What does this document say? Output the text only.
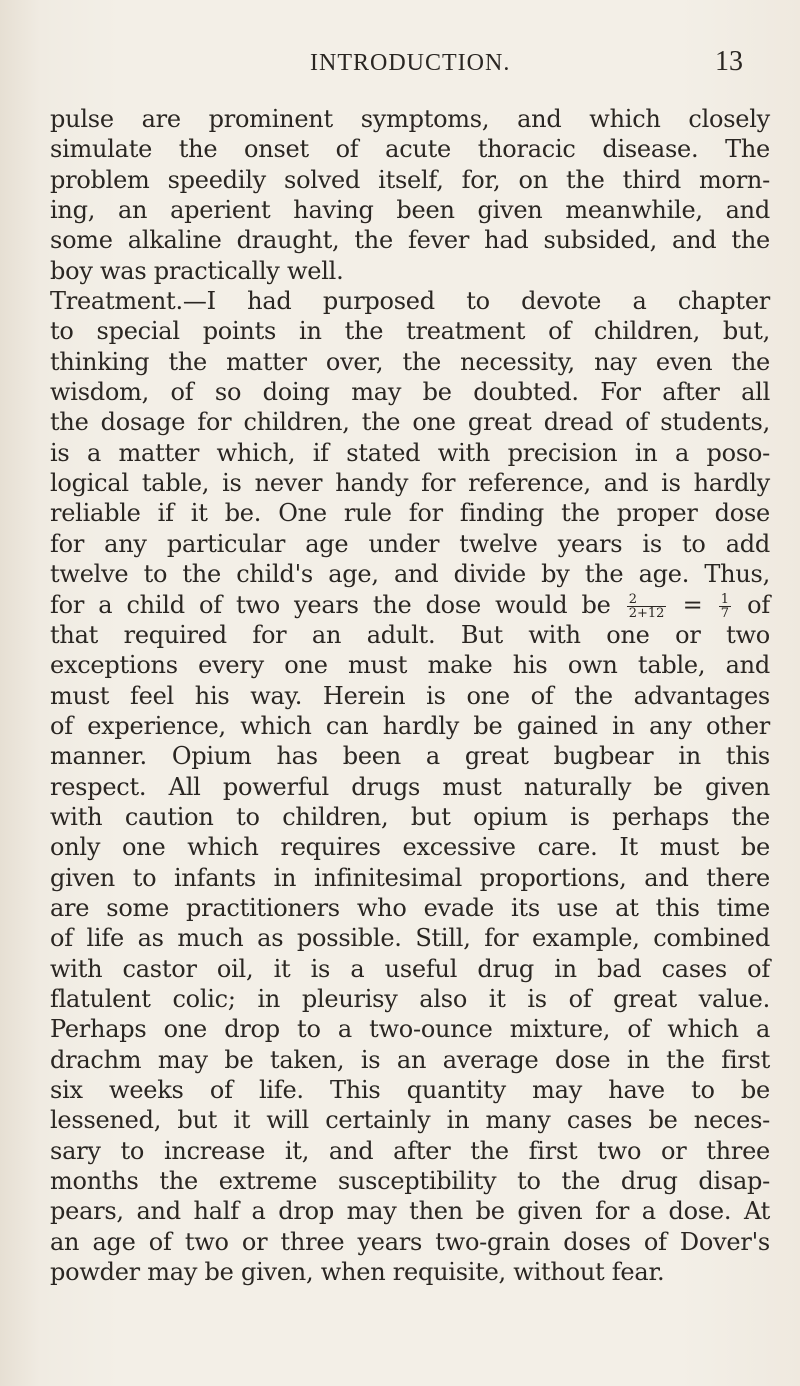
INTRODUCTION.	13
pulse are prominent symptoms, and which closely
simulate the onset of acute thoracic disease. The
problem speedily solved itself, for, on the third morn-
ing, an aperient having been given meanwhile, and
some alkaline draught, the fever had subsided, and the
boy was practically well.
Treatment.—I had purposed to devote a chapter
to special points in the treatment of children, but,
thinking the matter over, the necessity, nay even the
wisdom, of so doing may be doubted. For after all
the dosage for children, the one great dread of students,
is a matter which, if stated with precision in a poso-
logical table, is never handy for reference, and is hardly
reliable if it be. One rule for finding the proper dose
for any particular age under twelve years is to add
twelve to the child's age, and divide by the age. Thus,
for a child of two years the dose would be $\frac{2}{2+12} = \frac{1}{7}$ of
that required for an adult. But with one or two
exceptions every one must make his own table, and
must feel his way. Herein is one of the advantages
of experience, which can hardly be gained in any other
manner. Opium has been a great bugbear in this
respect. All powerful drugs must naturally be given
with caution to children, but opium is perhaps the
only one which requires excessive care. It must be
given to infants in infinitesimal proportions, and there
are some practitioners who evade its use at this time
of life as much as possible. Still, for example, combined
with castor oil, it is a useful drug in bad cases of
flatulent colic; in pleurisy also it is of great value.
Perhaps one drop to a two-ounce mixture, of which a
drachm may be taken, is an average dose in the first
six weeks of life. This quantity may have to be
lessened, but it will certainly in many cases be neces-
sary to increase it, and after the first two or three
months the extreme susceptibility to the drug disap-
pears, and half a drop may then be given for a dose. At
an age of two or three years two-grain doses of Dover's
powder may be given, when requisite, without fear.
